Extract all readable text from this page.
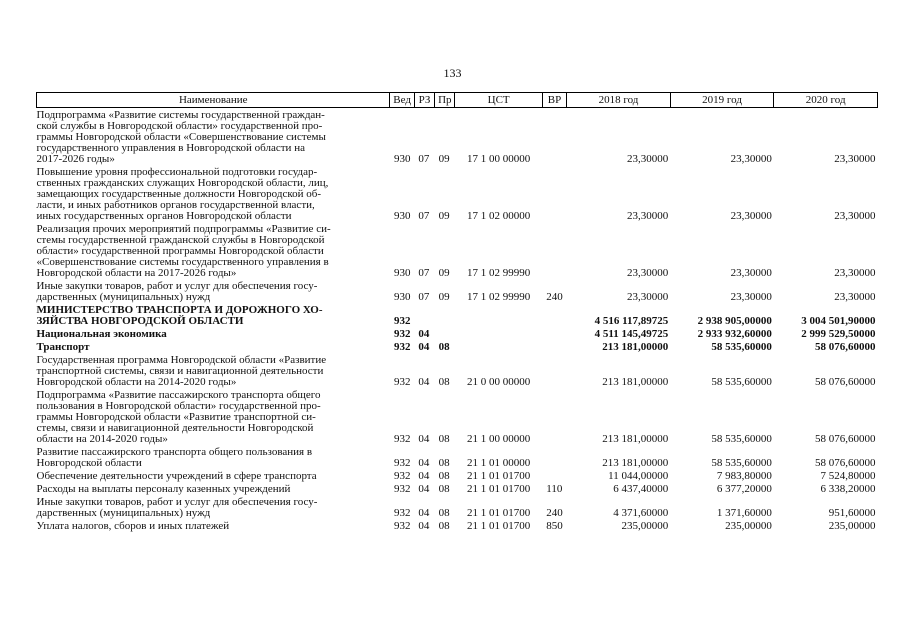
133
Наименование	Вед	РЗ	Пр	ЦСТ	ВР	2018 год	2019 год	2020 год

Подпрограмма «Развитие системы государственной граждан-
ской службы в Новгородской области» государственной про-
граммы Новгородской области «Совершенствование системы
государственного управления в Новгородской области на
2017-2026 годы»	930	07	09	17 1 00 00000		23,30000	23,30000	23,30000

Повышение уровня профессиональной подготовки государ-
ственных гражданских служащих Новгородской области, лиц,
замещающих государственные должности Новгородской об-
ласти, и иных работников органов государственной власти,
иных государственных органов Новгородской области	930	07	09	17 1 02 00000		23,30000	23,30000	23,30000

Реализация прочих мероприятий подпрограммы «Развитие си-
стемы государственной гражданской службы в Новгородской
области» государственной программы Новгородской области
«Совершенствование системы государственного управления в
Новгородской области на 2017-2026 годы»	930	07	09	17 1 02 99990		23,30000	23,30000	23,30000

Иные закупки товаров, работ и услуг для обеспечения госу-
дарственных (муниципальных) нужд	930	07	09	17 1 02 99990	240	23,30000	23,30000	23,30000

МИНИСТЕРСТВО ТРАНСПОРТА И ДОРОЖНОГО ХО-
ЗЯЙСТВА НОВГОРОДСКОЙ ОБЛАСТИ	932					4 516 117,89725	2 938 905,00000	3 004 501,90000

Национальная экономика	932	04				4 511 145,49725	2 933 932,60000	2 999 529,50000

Транспорт	932	04	08			213 181,00000	58 535,60000	58 076,60000

Государственная программа Новгородской области «Развитие
транспортной системы, связи и навигационной деятельности
Новгородской области на 2014-2020 годы»	932	04	08	21 0 00 00000		213 181,00000	58 535,60000	58 076,60000

Подпрограмма «Развитие пассажирского транспорта общего
пользования в Новгородской области» государственной про-
граммы Новгородской области «Развитие транспортной си-
стемы, связи и навигационной деятельности Новгородской
области на 2014-2020 годы»	932	04	08	21 1 00 00000		213 181,00000	58 535,60000	58 076,60000

Развитие пассажирского транспорта общего пользования в
Новгородской области	932	04	08	21 1 01 00000		213 181,00000	58 535,60000	58 076,60000

Обеспечение деятельности учреждений в сфере транспорта	932	04	08	21 1 01 01700		11 044,00000	7 983,80000	7 524,80000

Расходы на выплаты персоналу казенных учреждений	932	04	08	21 1 01 01700	110	6 437,40000	6 377,20000	6 338,20000

Иные закупки товаров, работ и услуг для обеспечения госу-
дарственных (муниципальных) нужд	932	04	08	21 1 01 01700	240	4 371,60000	1 371,60000	951,60000

Уплата налогов, сборов и иных платежей	932	04	08	21 1 01 01700	850	235,00000	235,00000	235,00000
